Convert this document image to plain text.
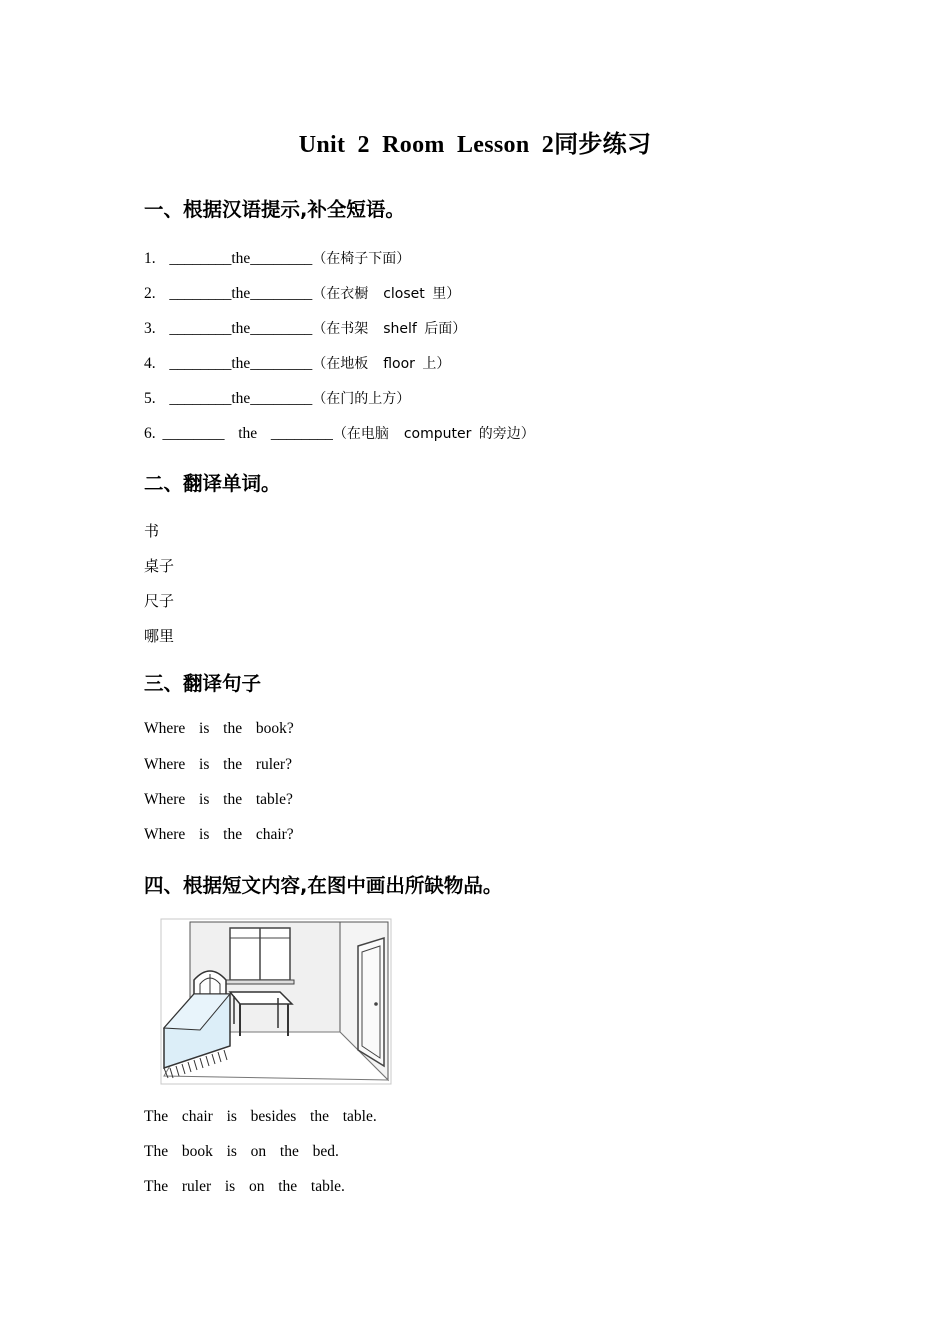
Unit 2 Room Lesson 2同步练习
一、根据汉语提示,补全短语。
1.  ________the________（在椅子下面）
2.  ________the________（在衣橱  closet 里）
3.  ________the________（在书架  shelf 后面）
4.  ________the________（在地板  floor 上）
5.  ________the________（在门的上方）
6. ________  the  ________（在电脑  computer 的旁边）
二、翻译单词。
书
桌子
尺子
哪里
三、翻译句子
Where  is  the  book?
Where  is  the  ruler?
Where  is  the  table?
Where  is  the  chair?
四、根据短文内容,在图中画出所缺物品。
The  chair  is  besides  the  table.
The  book  is  on  the  bed.
The  ruler  is  on  the  table.
